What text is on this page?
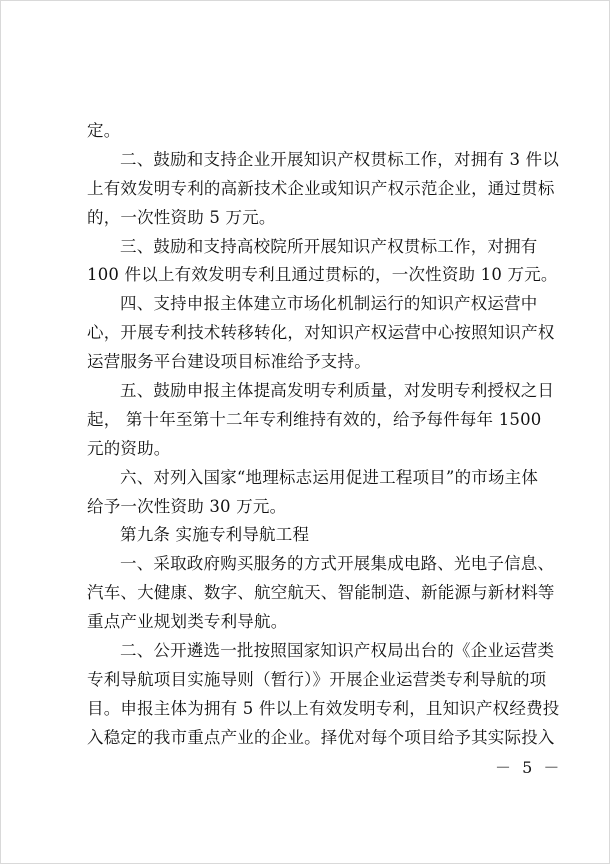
定。
二、鼓励和支持企业开展知识产权贯标工作，对拥有 3 件以
上有效发明专利的高新技术企业或知识产权示范企业，通过贯标
的，一次性资助 5 万元。
三、鼓励和支持高校院所开展知识产权贯标工作，对拥有
100 件以上有效发明专利且通过贯标的，一次性资助 10 万元。
四、支持申报主体建立市场化机制运行的知识产权运营中
心，开展专利技术转移转化，对知识产权运营中心按照知识产权
运营服务平台建设项目标准给予支持。
五、鼓励申报主体提高发明专利质量，对发明专利授权之日
起， 第十年至第十二年专利维持有效的，给予每件每年 1500
元的资助。
六、对列入国家“地理标志运用促进工程项目”的市场主体
给予一次性资助 30 万元。
第九条 实施专利导航工程
一、采取政府购买服务的方式开展集成电路、光电子信息、
汽车、大健康、数字、航空航天、智能制造、新能源与新材料等
重点产业规划类专利导航。
二、公开遴选一批按照国家知识产权局出台的《企业运营类
专利导航项目实施导则（暂行）》开展企业运营类专利导航的项
目。申报主体为拥有 5 件以上有效发明专利，且知识产权经费投
入稳定的我市重点产业的企业。择优对每个项目给予其实际投入
－ 5 －
